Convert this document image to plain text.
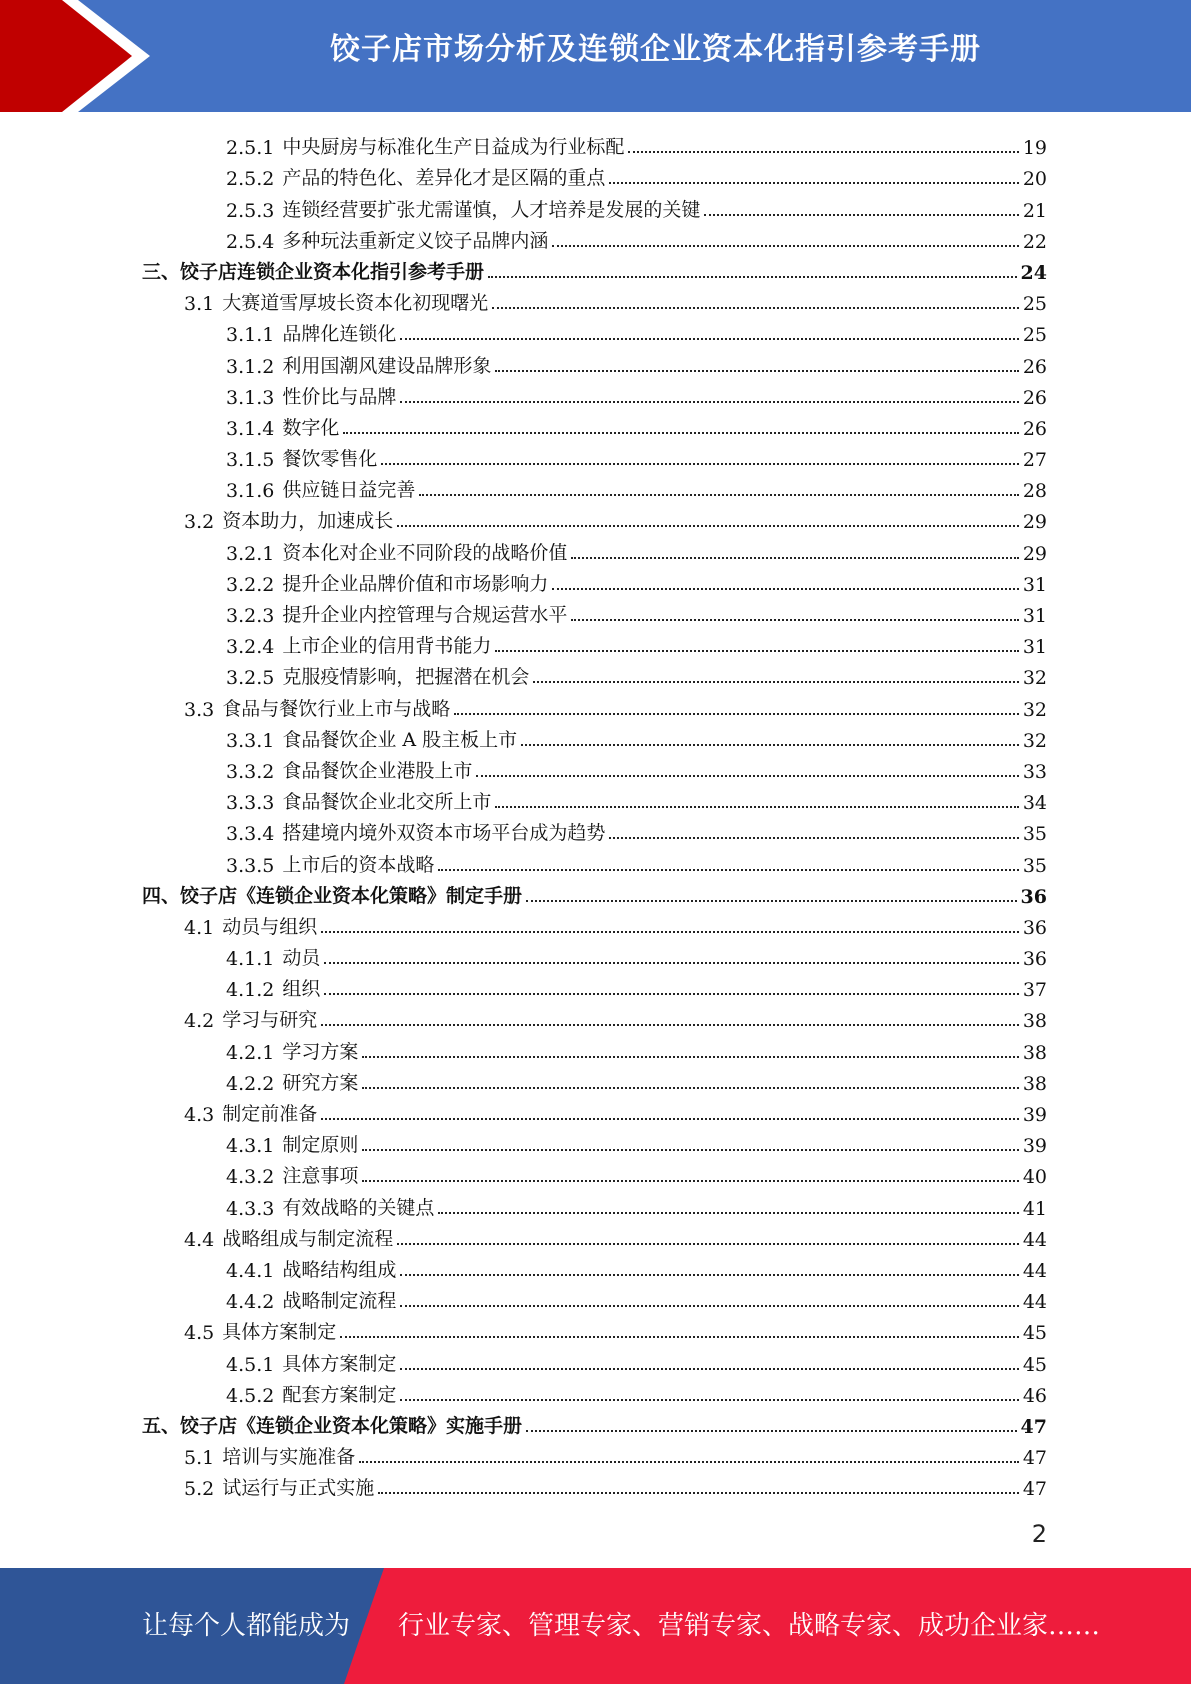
饺子店市场分析及连锁企业资本化指引参考手册
2.5.1 中央厨房与标准化生产日益成为行业标配	19
2.5.2 产品的特色化、差异化才是区隔的重点	20
2.5.3 连锁经营要扩张尤需谨慎，人才培养是发展的关键	21
2.5.4 多种玩法重新定义饺子品牌内涵	22
三、饺子店连锁企业资本化指引参考手册	24
3.1 大赛道雪厚坡长资本化初现曙光	25
3.1.1 品牌化连锁化	25
3.1.2 利用国潮风建设品牌形象	26
3.1.3 性价比与品牌	26
3.1.4 数字化	26
3.1.5 餐饮零售化	27
3.1.6 供应链日益完善	28
3.2 资本助力，加速成长	29
3.2.1 资本化对企业不同阶段的战略价值	29
3.2.2 提升企业品牌价值和市场影响力	31
3.2.3 提升企业内控管理与合规运营水平	31
3.2.4 上市企业的信用背书能力	31
3.2.5 克服疫情影响，把握潜在机会	32
3.3 食品与餐饮行业上市与战略	32
3.3.1 食品餐饮企业 A 股主板上市	32
3.3.2 食品餐饮企业港股上市	33
3.3.3 食品餐饮企业北交所上市	34
3.3.4 搭建境内境外双资本市场平台成为趋势	35
3.3.5 上市后的资本战略	35
四、饺子店《连锁企业资本化策略》制定手册	36
4.1 动员与组织	36
4.1.1 动员	36
4.1.2 组织	37
4.2 学习与研究	38
4.2.1 学习方案	38
4.2.2 研究方案	38
4.3 制定前准备	39
4.3.1 制定原则	39
4.3.2 注意事项	40
4.3.3 有效战略的关键点	41
4.4 战略组成与制定流程	44
4.4.1 战略结构组成	44
4.4.2 战略制定流程	44
4.5 具体方案制定	45
4.5.1 具体方案制定	45
4.5.2 配套方案制定	46
五、饺子店《连锁企业资本化策略》实施手册	47
5.1 培训与实施准备	47
5.2 试运行与正式实施	47
2
让每个人都能成为 行业专家、管理专家、营销专家、战略专家、成功企业家……
